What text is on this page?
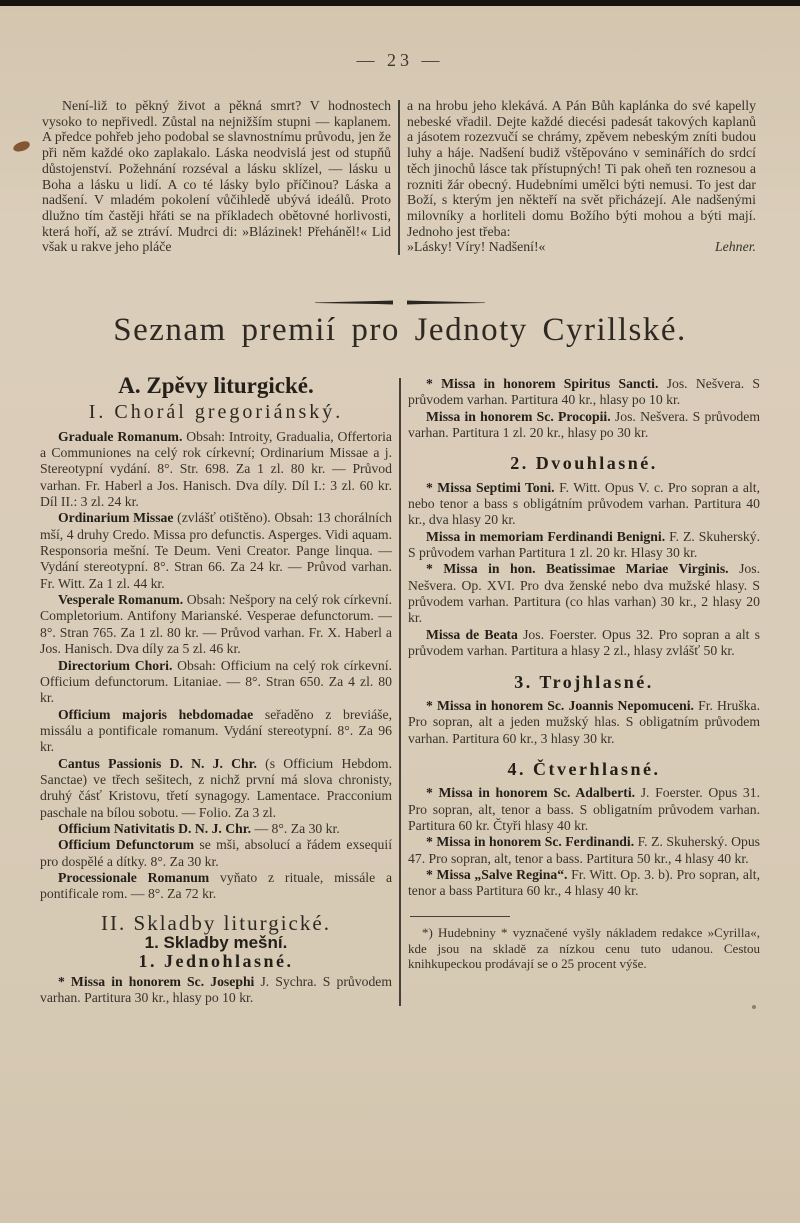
— 23 —

Není-liž to pěkný život a pěkná smrt? V hodnostech vysoko to nepřivedl. Zůstal na nejnižším stupni — kaplanem. A předce pohřeb jeho podobal se slavnostnímu průvodu, jen že při něm každé oko zaplakalo. Láska neodvislá jest od stupňů důstojenství. Požehnání rozséval a lásku sklízel, — lásku u Boha a lásku u lidí. A co té lásky bylo příčinou? Láska a nadšení. V mladém pokolení vůčihledě ubývá ideálů. Proto dlužno tím častěji hřáti se na příkladech obětovné horlivosti, která hoří, až se ztráví. Mudrci di: »Blázinek! Přeháněl!« Lid však u rakve jeho pláče

a na hrobu jeho klekává. A Pán Bůh kaplánka do své kapelly nebeské vřadil. Dejte každé diecési padesát takových kaplanů a jásotem rozezvučí se chrámy, zpěvem nebeským zníti budou luhy a háje. Nadšení budiž vštěpováno v seminářích do srdcí těch jinochů lásce tak přístupných! Ti pak oheň ten roznesou a rozniti žár obecný. Hudebními umělci býti nemusi. To jest dar Boží, s kterým jen někteří na svět přicházejí. Ale nadšenými milovníky a horliteli domu Božího býti mohou a býti mají. Jednoho jest třeba:

»Lásky! Víry! Nadšení!«	Lehner.
Seznam premií pro Jednoty Cyrillské.
A. Zpěvy liturgické.
I. Chorál gregoriánský.

Graduale Romanum. Obsah: Introity, Gradualia, Offertoria a Communiones na celý rok církevní; Ordinarium Missae a j. Stereotypní vydání. 8°. Str. 698. Za 1 zl. 80 kr. — Průvod varhan. Fr. Haberl a Jos. Hanisch. Dva díly. Díl I.: 3 zl. 60 kr. Díl II.: 3 zl. 24 kr.

Ordinarium Missae (zvlášť otištěno). Obsah: 13 chorálních mší, 4 druhy Credo. Missa pro defunctis. Asperges. Vidi aquam. Responsoria mešní. Te Deum. Veni Creator. Pange linqua. — Vydání stereotypní. 8°. Stran 66. Za 24 kr. — Průvod varhan. Fr. Witt. Za 1 zl. 44 kr.

Vesperale Romanum. Obsah: Nešpory na celý rok církevní. Completorium. Antifony Marianské. Vesperae defunctorum. — 8°. Stran 765. Za 1 zl. 80 kr. — Průvod varhan. Fr. X. Haberl a Jos. Hanisch. Dva díly za 5 zl. 46 kr.

Directorium Chori. Obsah: Officium na celý rok církevní. Officium defunctorum. Litaniae. — 8°. Stran 650. Za 4 zl. 80 kr.

Officium majoris hebdomadae seřaděno z breviáše, missálu a pontificale romanum. Vydání stereotypní. 8°. Za 96 kr.

Cantus Passionis D. N. J. Chr. (s Officium Hebdom. Sanctae) ve třech sešitech, z nichž první má slova chronisty, druhý čásť Kristovu, třetí synagogy. Lamentace. Pracconium paschale na bílou sobotu. — Folio. Za 3 zl.

Officium Nativitatis D. N. J. Chr. — 8°. Za 30 kr.

Officium Defunctorum se mši, absolucí a řádem exsequií pro dospělé a dítky. 8°. Za 30 kr.

Processionale Romanum vyňato z rituale, missále a pontificale rom. — 8°. Za 72 kr.

II. Skladby liturgické.
1. Skladby mešní.
1. Jednohlasné.

* Missa in honorem Sc. Josephi J. Sychra. S průvodem varhan. Partitura 30 kr., hlasy po 10 kr.

* Missa in honorem Spiritus Sancti. Jos. Nešvera. S průvodem varhan. Partitura 40 kr., hlasy po 10 kr.

Missa in honorem Sc. Procopii. Jos. Nešvera. S průvodem varhan. Partitura 1 zl. 20 kr., hlasy po 30 kr.

2. Dvouhlasné.

* Missa Septimi Toni. F. Witt. Opus V. c. Pro sopran a alt, nebo tenor a bass s obligátním průvodem varhan. Partitura 40 kr., dva hlasy 20 kr.

Missa in memoriam Ferdinandi Benigni. F. Z. Skuherský. S průvodem varhan Partitura 1 zl. 20 kr. Hlasy 30 kr.

* Missa in hon. Beatissimae Mariae Virginis. Jos. Nešvera. Op. XVI. Pro dva ženské nebo dva mužské hlasy. S průvodem varhan. Partitura (co hlas varhan) 30 kr., 2 hlasy 20 kr.

Missa de Beata Jos. Foerster. Opus 32. Pro sopran a alt s průvodem varhan. Partitura a hlasy 2 zl., hlasy zvlášť 50 kr.

3. Trojhlasné.

* Missa in honorem Sc. Joannis Nepomuceni. Fr. Hruška. Pro sopran, alt a jeden mužský hlas. S obligatním průvodem varhan. Partitura 60 kr., 3 hlasy 30 kr.

4. Čtverhlasné.

* Missa in honorem Sc. Adalberti. J. Foerster. Opus 31. Pro sopran, alt, tenor a bass. S obligatním průvodem varhan. Partitura 60 kr. Čtyři hlasy 40 kr.

* Missa in honorem Sc. Ferdinandi. F. Z. Skuherský. Opus 47. Pro sopran, alt, tenor a bass. Partitura 50 kr., 4 hlasy 40 kr.

* Missa „Salve Regina“. Fr. Witt. Op. 3. b). Pro sopran, alt, tenor a bass Partitura 60 kr., 4 hlasy 40 kr.

*) Hudebniny * vyznačené vyšly nákladem redakce »Cyrilla«, kde jsou na skladě za nízkou cenu tuto udanou. Cestou knihkupeckou prodávají se o 25 procent výše.
